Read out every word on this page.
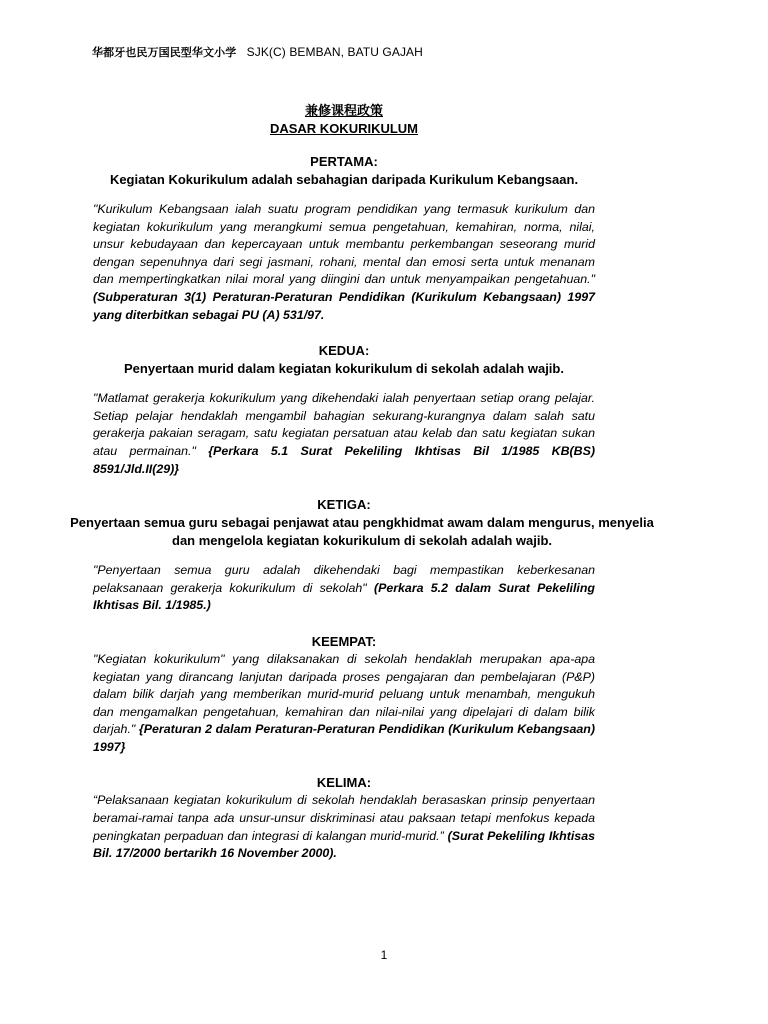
华都牙也民万国民型华文小学 SJK(C) BEMBAN, BATU GAJAH
兼修课程政策
DASAR KOKURIKULUM
PERTAMA:
Kegiatan Kokurikulum adalah sebahagian daripada Kurikulum Kebangsaan.
"Kurikulum Kebangsaan ialah suatu program pendidikan yang termasuk kurikulum dan kegiatan kokurikulum yang merangkumi semua pengetahuan, kemahiran, norma, nilai, unsur kebudayaan dan kepercayaan untuk membantu perkembangan seseorang murid dengan sepenuhnya dari segi jasmani, rohani, mental dan emosi serta untuk menanam dan mempertingkatkan nilai moral yang diingini dan untuk menyampaikan pengetahuan." (Subperaturan 3(1) Peraturan-Peraturan Pendidikan (Kurikulum Kebangsaan) 1997 yang diterbitkan sebagai PU (A) 531/97.
KEDUA:
Penyertaan murid dalam kegiatan kokurikulum di sekolah adalah wajib.
"Matlamat gerakerja kokurikulum yang dikehendaki ialah penyertaan setiap orang pelajar. Setiap pelajar hendaklah mengambil bahagian sekurang-kurangnya dalam salah satu gerakerja pakaian seragam, satu kegiatan persatuan atau kelab dan satu kegiatan sukan atau permainan." {Perkara 5.1 Surat Pekeliling Ikhtisas Bil 1/1985 KB(BS) 8591/Jld.II(29)}
KETIGA:
Penyertaan semua guru sebagai penjawat atau pengkhidmat awam dalam mengurus, menyelia dan mengelola kegiatan kokurikulum di sekolah adalah wajib.
"Penyertaan semua guru adalah dikehendaki bagi mempastikan keberkesanan pelaksanaan gerakerja kokurikulum di sekolah" (Perkara 5.2 dalam Surat Pekeliling Ikhtisas Bil. 1/1985.)
KEEMPAT:
"Kegiatan kokurikulum" yang dilaksanakan di sekolah hendaklah merupakan apa-apa kegiatan yang dirancang lanjutan daripada proses pengajaran dan pembelajaran (P&P) dalam bilik darjah yang memberikan murid-murid peluang untuk menambah, mengukuh dan mengamalkan pengetahuan, kemahiran dan nilai-nilai yang dipelajari di dalam bilik darjah." {Peraturan 2 dalam Peraturan-Peraturan Pendidikan (Kurikulum Kebangsaan) 1997}
KELIMA:
“Pelaksanaan kegiatan kokurikulum di sekolah hendaklah berasaskan prinsip penyertaan beramai-ramai tanpa ada unsur-unsur diskriminasi atau paksaan tetapi menfokus kepada peningkatan perpaduan dan integrasi di kalangan murid-murid.” (Surat Pekeliling Ikhtisas Bil. 17/2000 bertarikh 16 November 2000).
1
